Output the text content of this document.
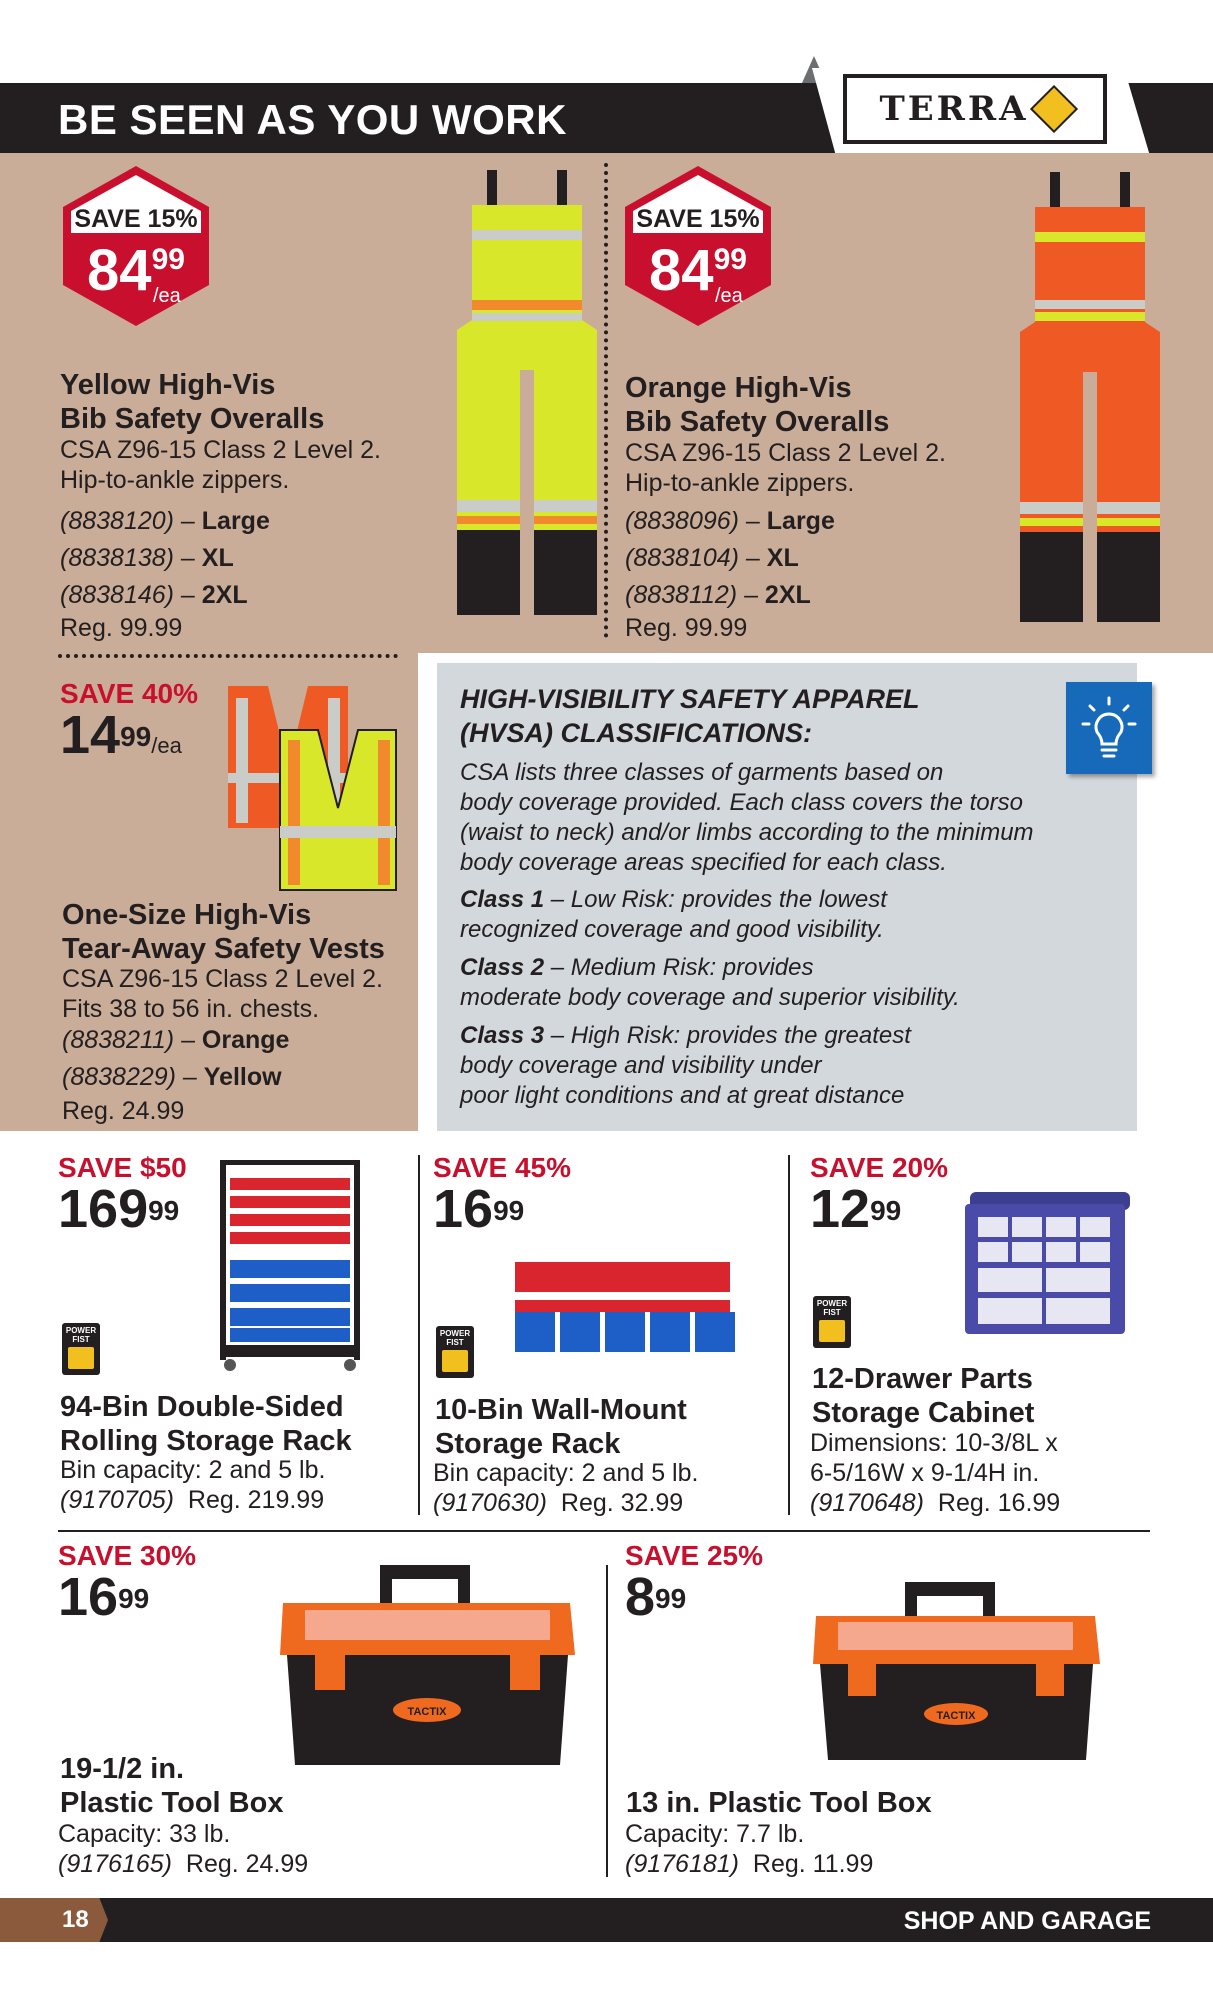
BE SEEN AS YOU WORK	TERRA
SAVE 15%
8499
/ea
Yellow High-Vis
Bib Safety Overalls
CSA Z96-15 Class 2 Level 2.
Hip-to-ankle zippers.
(8838120) – Large
(8838138) – XL
(8838146) – 2XL
Reg. 99.99
SAVE 15%
8499
/ea
Orange High-Vis
Bib Safety Overalls
CSA Z96-15 Class 2 Level 2.
Hip-to-ankle zippers.
(8838096) – Large
(8838104) – XL
(8838112) – 2XL
Reg. 99.99
SAVE 40%
$14^{99}/ea$
One-Size High-Vis
Tear-Away Safety Vests
CSA Z96-15 Class 2 Level 2.
Fits 38 to 56 in. chests.
(8838211) – Orange
(8838229) – Yellow
Reg. 24.99
HIGH-VISIBILITY SAFETY APPAREL
(HVSA) CLASSIFICATIONS:
CSA lists three classes of garments based on
body coverage provided. Each class covers the torso
(waist to neck) and/or limbs according to the minimum
body coverage areas specified for each class.
Class 1 – Low Risk: provides the lowest
recognized coverage and good visibility.
Class 2 – Medium Risk: provides
moderate body coverage and superior visibility.
Class 3 – High Risk: provides the greatest
body coverage and visibility under
poor light conditions and at great distance
SAVE $50
$169^{99}$
POWER
FIST
94-Bin Double-Sided
Rolling Storage Rack
Bin capacity: 2 and 5 lb.
(9170705) Reg. 219.99
SAVE 45%
$16^{99}$
POWER
FIST
10-Bin Wall-Mount
Storage Rack
Bin capacity: 2 and 5 lb.
(9170630) Reg. 32.99
SAVE 20%
$12^{99}$
POWER
FIST
12-Drawer Parts
Storage Cabinet
Dimensions: 10-3/8L x
6-5/16W x 9-1/4H in.
(9170648) Reg. 16.99
SAVE 30%
$16^{99}$
TACTIX
19-1/2 in.
Plastic Tool Box
Capacity: 33 lb.
(9176165) Reg. 24.99
SAVE 25%
$8^{99}$
TACTIX
13 in. Plastic Tool Box
Capacity: 7.7 lb.
(9176181) Reg. 11.99
18	SHOP AND GARAGE
